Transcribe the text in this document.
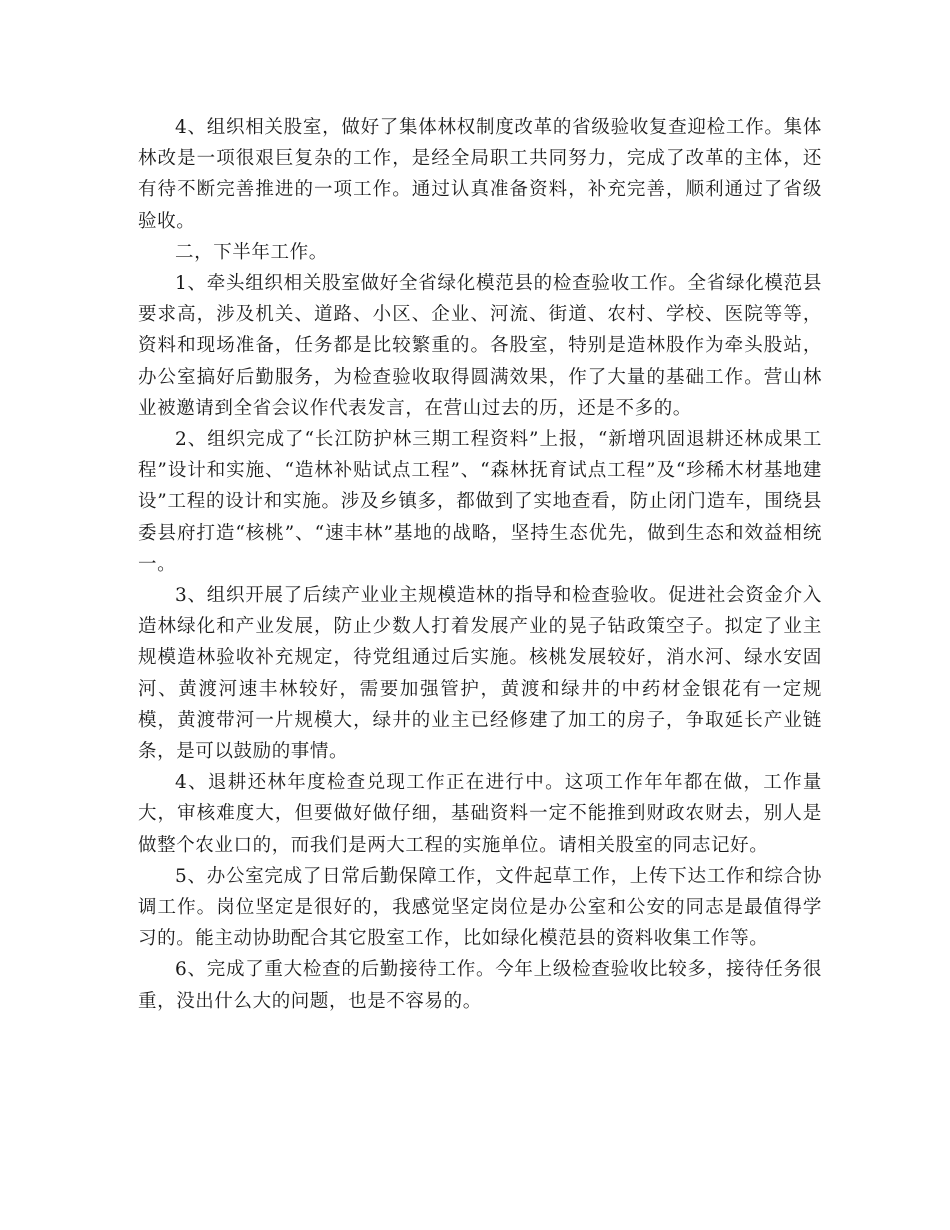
4、组织相关股室，做好了集体林权制度改革的省级验收复查迎检工作。集体林改是一项很艰巨复杂的工作，是经全局职工共同努力，完成了改革的主体，还有待不断完善推进的一项工作。通过认真准备资料，补充完善，顺利通过了省级验收。

二，下半年工作。

1、牵头组织相关股室做好全省绿化模范县的检查验收工作。全省绿化模范县要求高，涉及机关、道路、小区、企业、河流、街道、农村、学校、医院等等，资料和现场准备，任务都是比较繁重的。各股室，特别是造林股作为牵头股站，办公室搞好后勤服务，为检查验收取得圆满效果，作了大量的基础工作。营山林业被邀请到全省会议作代表发言，在营山过去的历，还是不多的。

2、组织完成了“长江防护林三期工程资料”上报，“新增巩固退耕还林成果工程”设计和实施、“造林补贴试点工程”、“森林抚育试点工程”及“珍稀木材基地建设”工程的设计和实施。涉及乡镇多，都做到了实地查看，防止闭门造车，围绕县委县府打造“核桃”、“速丰林”基地的战略，坚持生态优先，做到生态和效益相统一。

3、组织开展了后续产业业主规模造林的指导和检查验收。促进社会资金介入造林绿化和产业发展，防止少数人打着发展产业的晃子钻政策空子。拟定了业主规模造林验收补充规定，待党组通过后实施。核桃发展较好，消水河、绿水安固河、黄渡河速丰林较好，需要加强管护，黄渡和绿井的中药材金银花有一定规模，黄渡带河一片规模大，绿井的业主已经修建了加工的房子，争取延长产业链条，是可以鼓励的事情。

4、退耕还林年度检查兑现工作正在进行中。这项工作年年都在做，工作量大，审核难度大，但要做好做仔细，基础资料一定不能推到财政农财去，别人是做整个农业口的，而我们是两大工程的实施单位。请相关股室的同志记好。

5、办公室完成了日常后勤保障工作，文件起草工作，上传下达工作和综合协调工作。岗位坚定是很好的，我感觉坚定岗位是办公室和公安的同志是最值得学习的。能主动协助配合其它股室工作，比如绿化模范县的资料收集工作等。

6、完成了重大检查的后勤接待工作。今年上级检查验收比较多，接待任务很重，没出什么大的问题，也是不容易的。
